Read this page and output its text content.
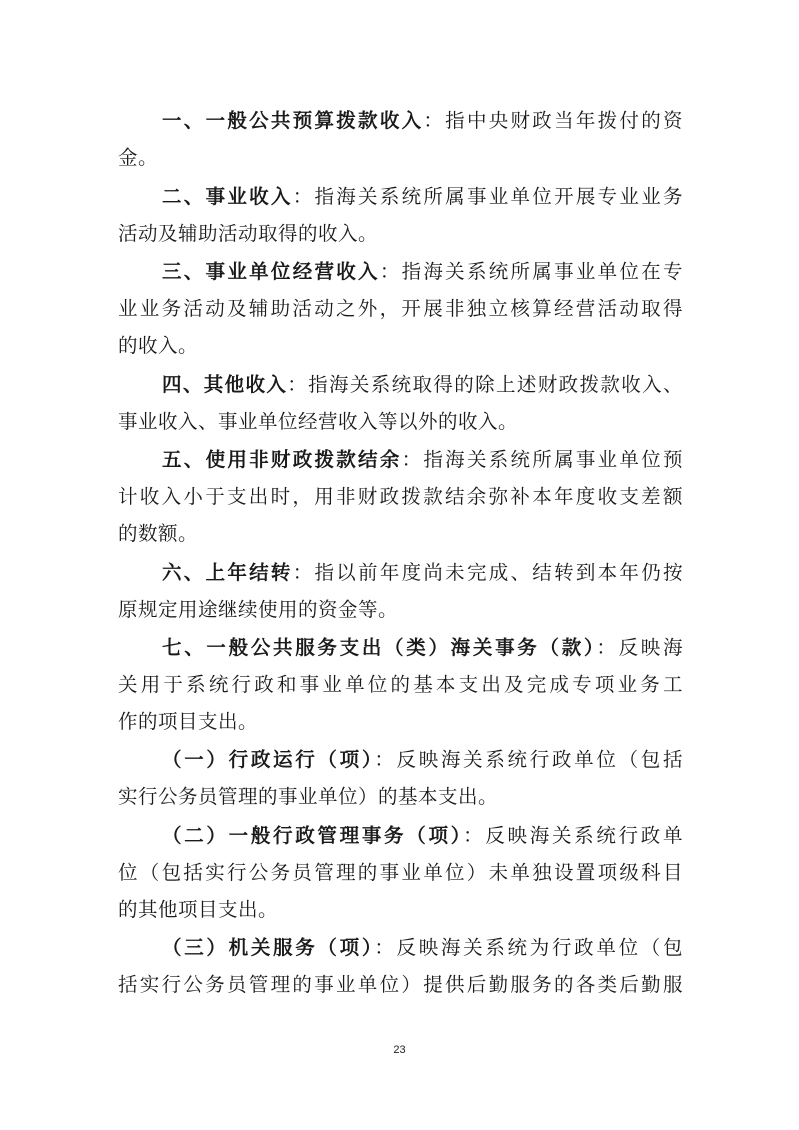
一、一般公共预算拨款收入：指中央财政当年拨付的资
金。
二、事业收入：指海关系统所属事业单位开展专业业务
活动及辅助活动取得的收入。
三、事业单位经营收入：指海关系统所属事业单位在专
业业务活动及辅助活动之外，开展非独立核算经营活动取得
的收入。
四、其他收入：指海关系统取得的除上述财政拨款收入、
事业收入、事业单位经营收入等以外的收入。
五、使用非财政拨款结余：指海关系统所属事业单位预
计收入小于支出时，用非财政拨款结余弥补本年度收支差额
的数额。
六、上年结转：指以前年度尚未完成、结转到本年仍按
原规定用途继续使用的资金等。
七、一般公共服务支出（类）海关事务（款）：反映海
关用于系统行政和事业单位的基本支出及完成专项业务工
作的项目支出。
（一）行政运行（项）：反映海关系统行政单位（包括
实行公务员管理的事业单位）的基本支出。
（二）一般行政管理事务（项）：反映海关系统行政单
位（包括实行公务员管理的事业单位）未单独设置项级科目
的其他项目支出。
（三）机关服务（项）：反映海关系统为行政单位（包
括实行公务员管理的事业单位）提供后勤服务的各类后勤服
23
